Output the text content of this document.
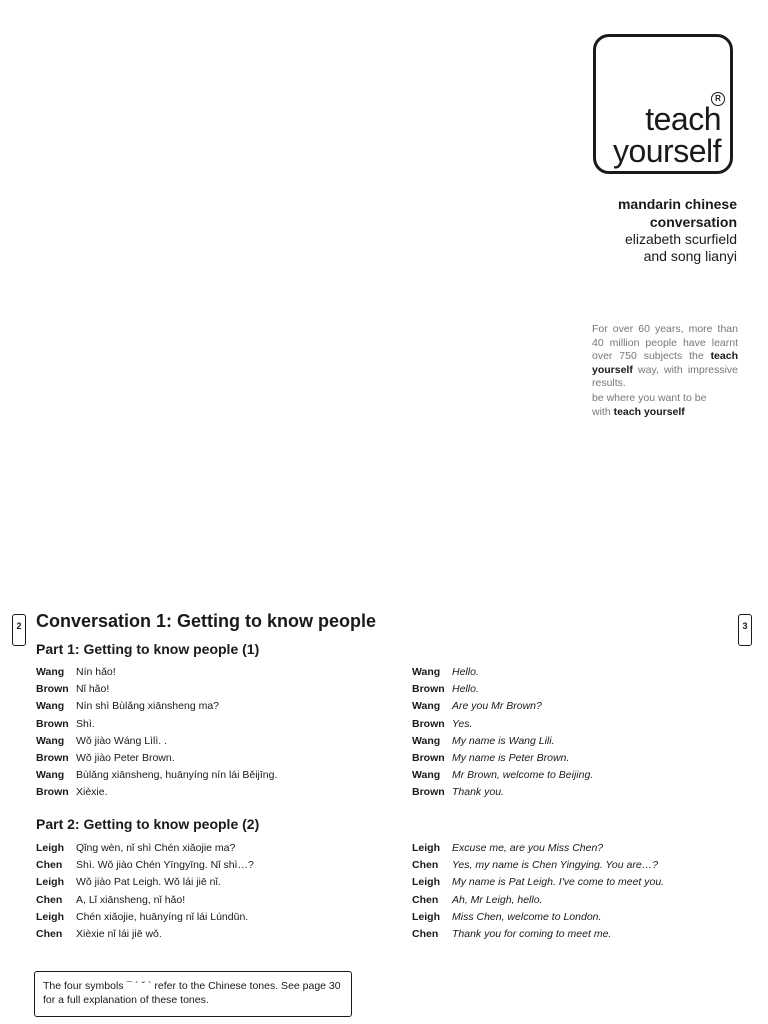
R
teach
yourself
mandarin chinese
conversation
elizabeth scurfield
and song lianyi
For over 60 years, more than 40 million people have learnt over 750 subjects the teach yourself way, with impressive results.
be where you want to be
with teach yourself
2	3
Conversation 1: Getting to know people
Part 1: Getting to know people (1)
Part 2: Getting to know people (2)
Wang Nín hǎo!
Brown Nǐ hǎo!
Wang Nín shì Bùlǎng xiānsheng ma?
Brown Shì.
Wang Wǒ jiào Wáng Lìlì. .
Brown Wǒ jiào Peter Brown.
Wang Bùlǎng xiānsheng, huānyíng nín lái Běijīng.
Brown Xièxie.
Wang Hello.
Brown Hello.
Wang Are you Mr Brown?
Brown Yes.
Wang My name is Wang Lili.
Brown My name is Peter Brown.
Wang Mr Brown, welcome to Beijing.
Brown Thank you.
Leigh Qǐng wèn, nǐ shì Chén xiǎojie ma?
Chen Shì. Wǒ jiào Chén Yīngyīng. Nǐ shì…?
Leigh Wǒ jiào Pat Leigh. Wǒ lái jiē nǐ.
Chen A, Lǐ xiānsheng, nǐ hǎo!
Leigh Chén xiǎojie, huānyíng nǐ lái Lúndūn.
Chen Xièxie nǐ lái jiē wǒ.
Leigh Excuse me, are you Miss Chen?
Chen Yes, my name is Chen Yingying. You are…?
Leigh My name is Pat Leigh. I've come to meet you.
Chen Ah, Mr Leigh, hello.
Leigh Miss Chen, welcome to London.
Chen Thank you for coming to meet me.
The four symbols ¯ ´ ˇ ` refer to the Chinese tones. See page 30 for a full explanation of these tones.
